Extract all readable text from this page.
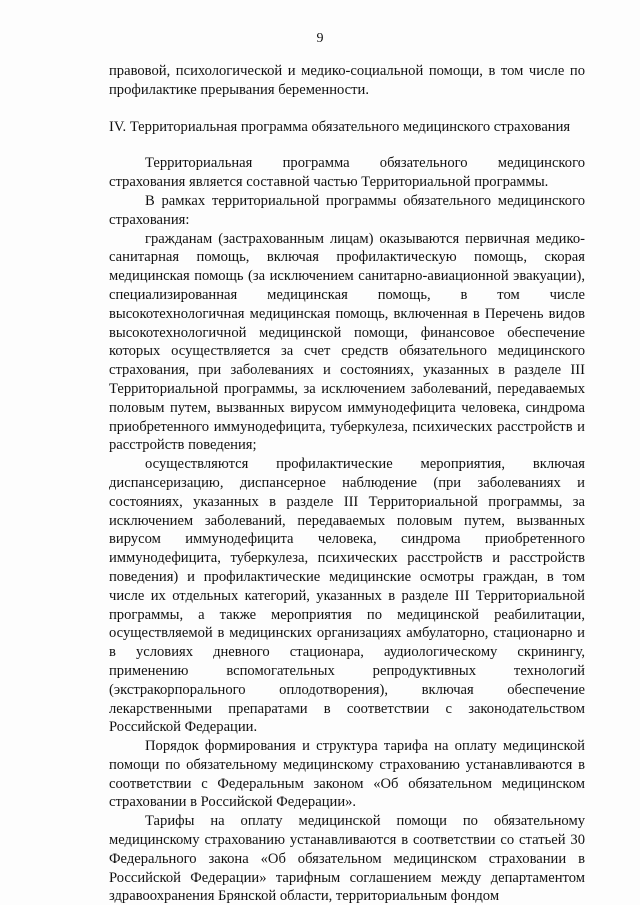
9

правовой, психологической и медико-социальной помощи, в том числе по профилактике прерывания беременности.

IV. Территориальная программа обязательного медицинского страхования

Территориальная программа обязательного медицинского страхования является составной частью Территориальной программы.

В рамках территориальной программы обязательного медицинского страхования:

гражданам (застрахованным лицам) оказываются первичная медико-санитарная помощь, включая профилактическую помощь, скорая медицинская помощь (за исключением санитарно-авиационной эвакуации), специализированная медицинская помощь, в том числе высокотехнологичная медицинская помощь, включенная в Перечень видов высокотехнологичной медицинской помощи, финансовое обеспечение которых осуществляется за счет средств обязательного медицинского страхования, при заболеваниях и состояниях, указанных в разделе III Территориальной программы, за исключением заболеваний, передаваемых половым путем, вызванных вирусом иммунодефицита человека, синдрома приобретенного иммунодефицита, туберкулеза, психических расстройств и расстройств поведения;

осуществляются профилактические мероприятия, включая диспансеризацию, диспансерное наблюдение (при заболеваниях и состояниях, указанных в разделе III Территориальной программы, за исключением заболеваний, передаваемых половым путем, вызванных вирусом иммунодефицита человека, синдрома приобретенного иммунодефицита, туберкулеза, психических расстройств и расстройств поведения) и профилактические медицинские осмотры граждан, в том числе их отдельных категорий, указанных в разделе III Территориальной программы, а также мероприятия по медицинской реабилитации, осуществляемой в медицинских организациях амбулаторно, стационарно и в условиях дневного стационара, аудиологическому скринингу, применению вспомогательных репродуктивных технологий (экстракорпорального оплодотворения), включая обеспечение лекарственными препаратами в соответствии с законодательством Российской Федерации.

Порядок формирования и структура тарифа на оплату медицинской помощи по обязательному медицинскому страхованию устанавливаются в соответствии с Федеральным законом «Об обязательном медицинском страховании в Российской Федерации».

Тарифы на оплату медицинской помощи по обязательному медицинскому страхованию устанавливаются в соответствии со статьей 30 Федерального закона «Об обязательном медицинском страховании в Российской Федерации» тарифным соглашением между департаментом здравоохранения Брянской области, территориальным фондом
